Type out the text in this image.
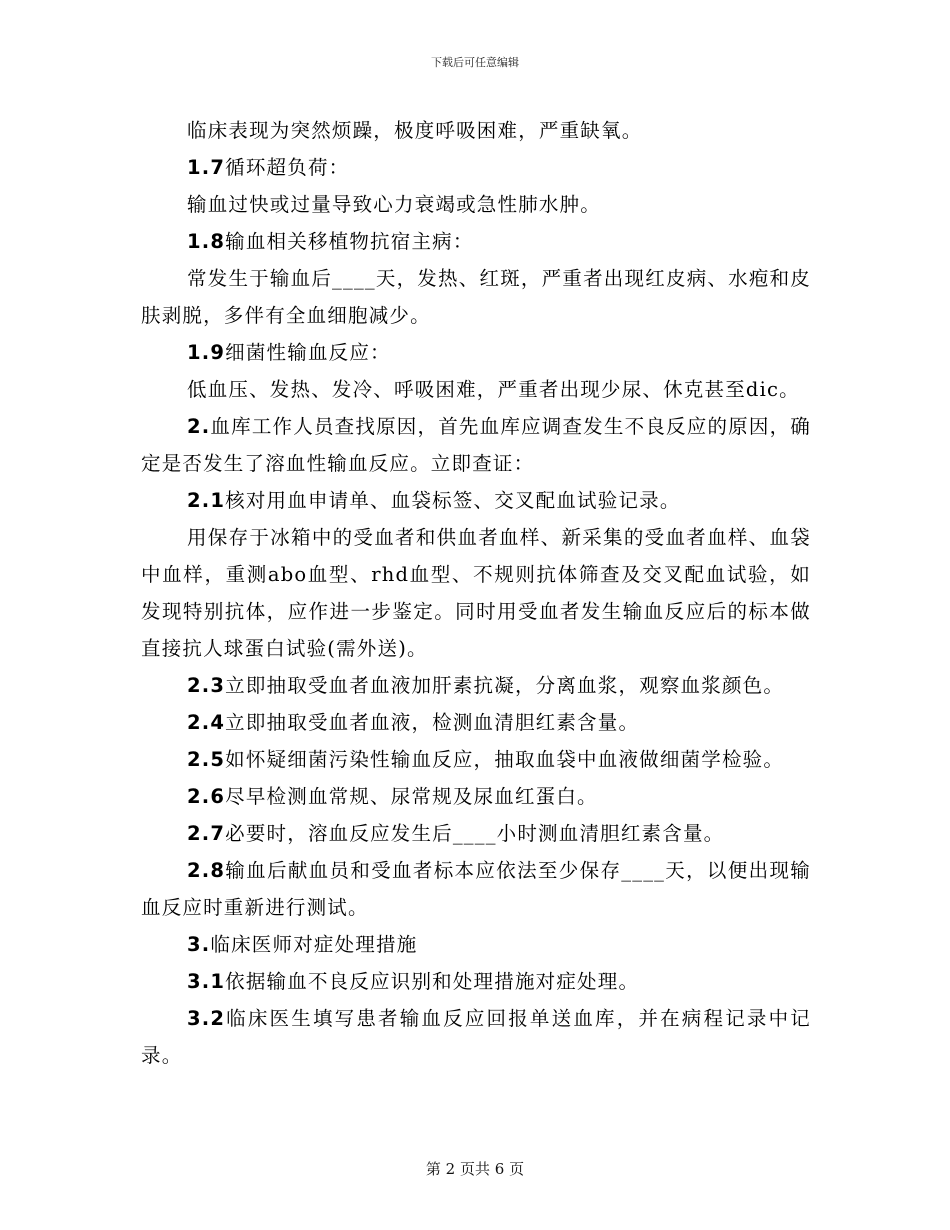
下载后可任意编辑

临床表现为突然烦躁，极度呼吸困难，严重缺氧。

1.7循环超负荷：

输血过快或过量导致心力衰竭或急性肺水肿。

1.8输血相关移植物抗宿主病：

常发生于输血后____天，发热、红斑，严重者出现红皮病、水疱和皮肤剥脱，多伴有全血细胞减少。

1.9细菌性输血反应：

低血压、发热、发冷、呼吸困难，严重者出现少尿、休克甚至dic。

2.血库工作人员查找原因，首先血库应调查发生不良反应的原因，确定是否发生了溶血性输血反应。立即查证：

2.1核对用血申请单、血袋标签、交叉配血试验记录。

用保存于冰箱中的受血者和供血者血样、新采集的受血者血样、血袋中血样，重测abo血型、rhd血型、不规则抗体筛查及交叉配血试验，如发现特别抗体，应作进一步鉴定。同时用受血者发生输血反应后的标本做直接抗人球蛋白试验(需外送)。

2.3立即抽取受血者血液加肝素抗凝，分离血浆，观察血浆颜色。

2.4立即抽取受血者血液，检测血清胆红素含量。

2.5如怀疑细菌污染性输血反应，抽取血袋中血液做细菌学检验。

2.6尽早检测血常规、尿常规及尿血红蛋白。

2.7必要时，溶血反应发生后____小时测血清胆红素含量。

2.8输血后献血员和受血者标本应依法至少保存____天，以便出现输血反应时重新进行测试。

3.临床医师对症处理措施

3.1依据输血不良反应识别和处理措施对症处理。

3.2临床医生填写患者输血反应回报单送血库，并在病程记录中记录。

第 2 页共 6 页
